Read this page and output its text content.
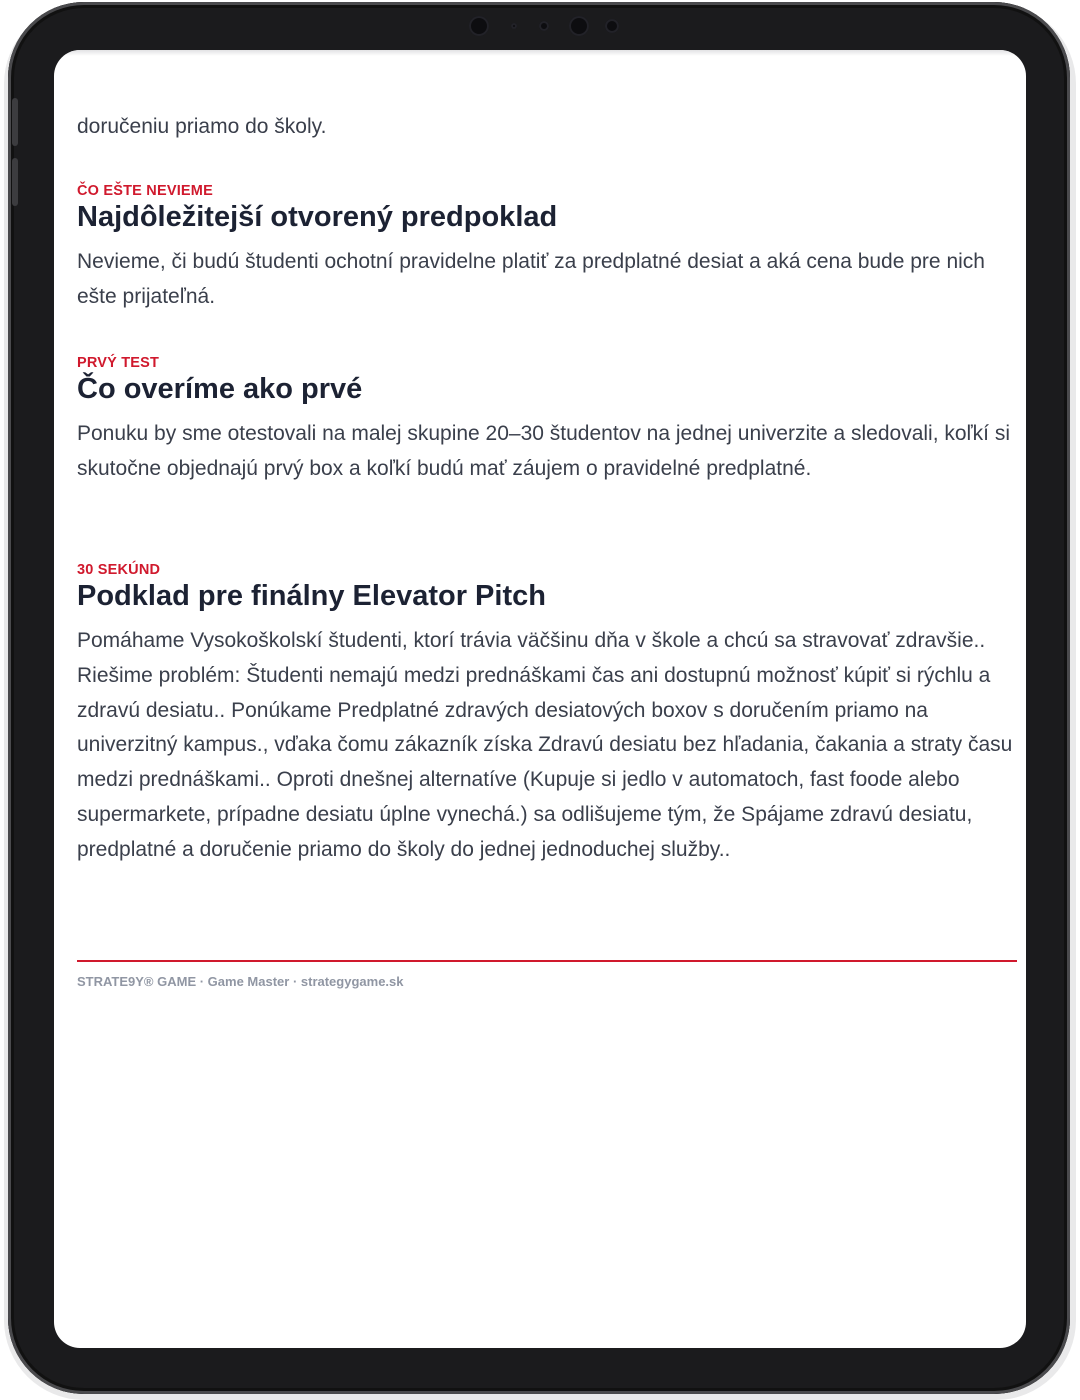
doručeniu priamo do školy.

ČO EŠTE NEVIEME

Najdôležitejší otvorený predpoklad

Nevieme, či budú študenti ochotní pravidelne platiť za predplatné desiat a aká cena bude pre nich ešte prijateľná.

PRVÝ TEST

Čo overíme ako prvé

Ponuku by sme otestovali na malej skupine 20–30 študentov na jednej univerzite a sledovali, koľkí si skutočne objednajú prvý box a koľkí budú mať záujem o pravidelné predplatné.

30 SEKÚND

Podklad pre finálny Elevator Pitch

Pomáhame Vysokoškolskí študenti, ktorí trávia väčšinu dňa v škole a chcú sa stravovať zdravšie.. Riešime problém: Študenti nemajú medzi prednáškami čas ani dostupnú možnosť kúpiť si rýchlu a zdravú desiatu.. Ponúkame Predplatné zdravých desiatových boxov s doručením priamo na univerzitný kampus., vďaka čomu zákazník získa Zdravú desiatu bez hľadania, čakania a straty času medzi prednáškami.. Oproti dnešnej alternatíve (Kupuje si jedlo v automatoch, fast foode alebo supermarkete, prípadne desiatu úplne vynechá.) sa odlišujeme tým, že Spájame zdravú desiatu, predplatné a doručenie priamo do školy do jednej jednoduchej služby..

STRATE9Y® GAME · Game Master · strategygame.sk
